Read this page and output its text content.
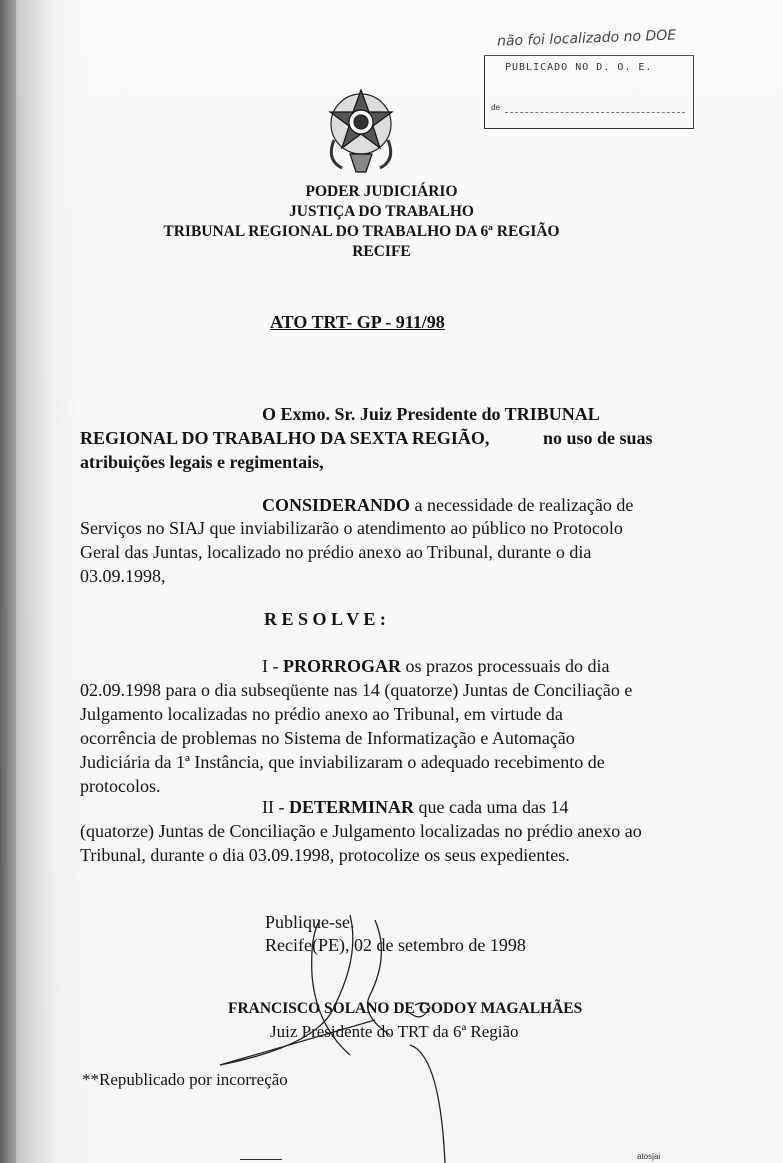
não foi localizado no DOE
PUBLICADO NO D. O. E.
de
PODER JUDICIÁRIO
JUSTIÇA DO TRABALHO
TRIBUNAL REGIONAL DO TRABALHO DA 6ª REGIÃO
RECIFE
ATO TRT- GP - 911/98
O Exmo. Sr. Juiz Presidente do TRIBUNAL
REGIONAL DO TRABALHO DA SEXTA REGIÃO,	no uso de suas
atribuições legais e regimentais,
CONSIDERANDO a necessidade de realização de
Serviços no SIAJ que inviabilizarão o atendimento ao público no Protocolo
Geral das Juntas, localizado no prédio anexo ao Tribunal, durante o dia
03.09.1998,
R E S O L V E :
I - PRORROGAR os prazos processuais do dia
02.09.1998 para o dia subseqüente nas 14 (quatorze) Juntas de Conciliação e
Julgamento localizadas no prédio anexo ao Tribunal, em virtude da
ocorrência de problemas no Sistema de Informatização e Automação
Judiciária da 1ª Instância, que inviabilizaram o adequado recebimento de
protocolos.
II - DETERMINAR que cada uma das 14
(quatorze) Juntas de Conciliação e Julgamento localizadas no prédio anexo ao
Tribunal, durante o dia 03.09.1998, protocolize os seus expedientes.
Publique-se.
Recife(PE), 02 de setembro de 1998
FRANCISCO SOLANO DE GODOY MAGALHÃES
Juiz Presidente do TRT da 6ª Região
**Republicado por incorreção
atosjai
